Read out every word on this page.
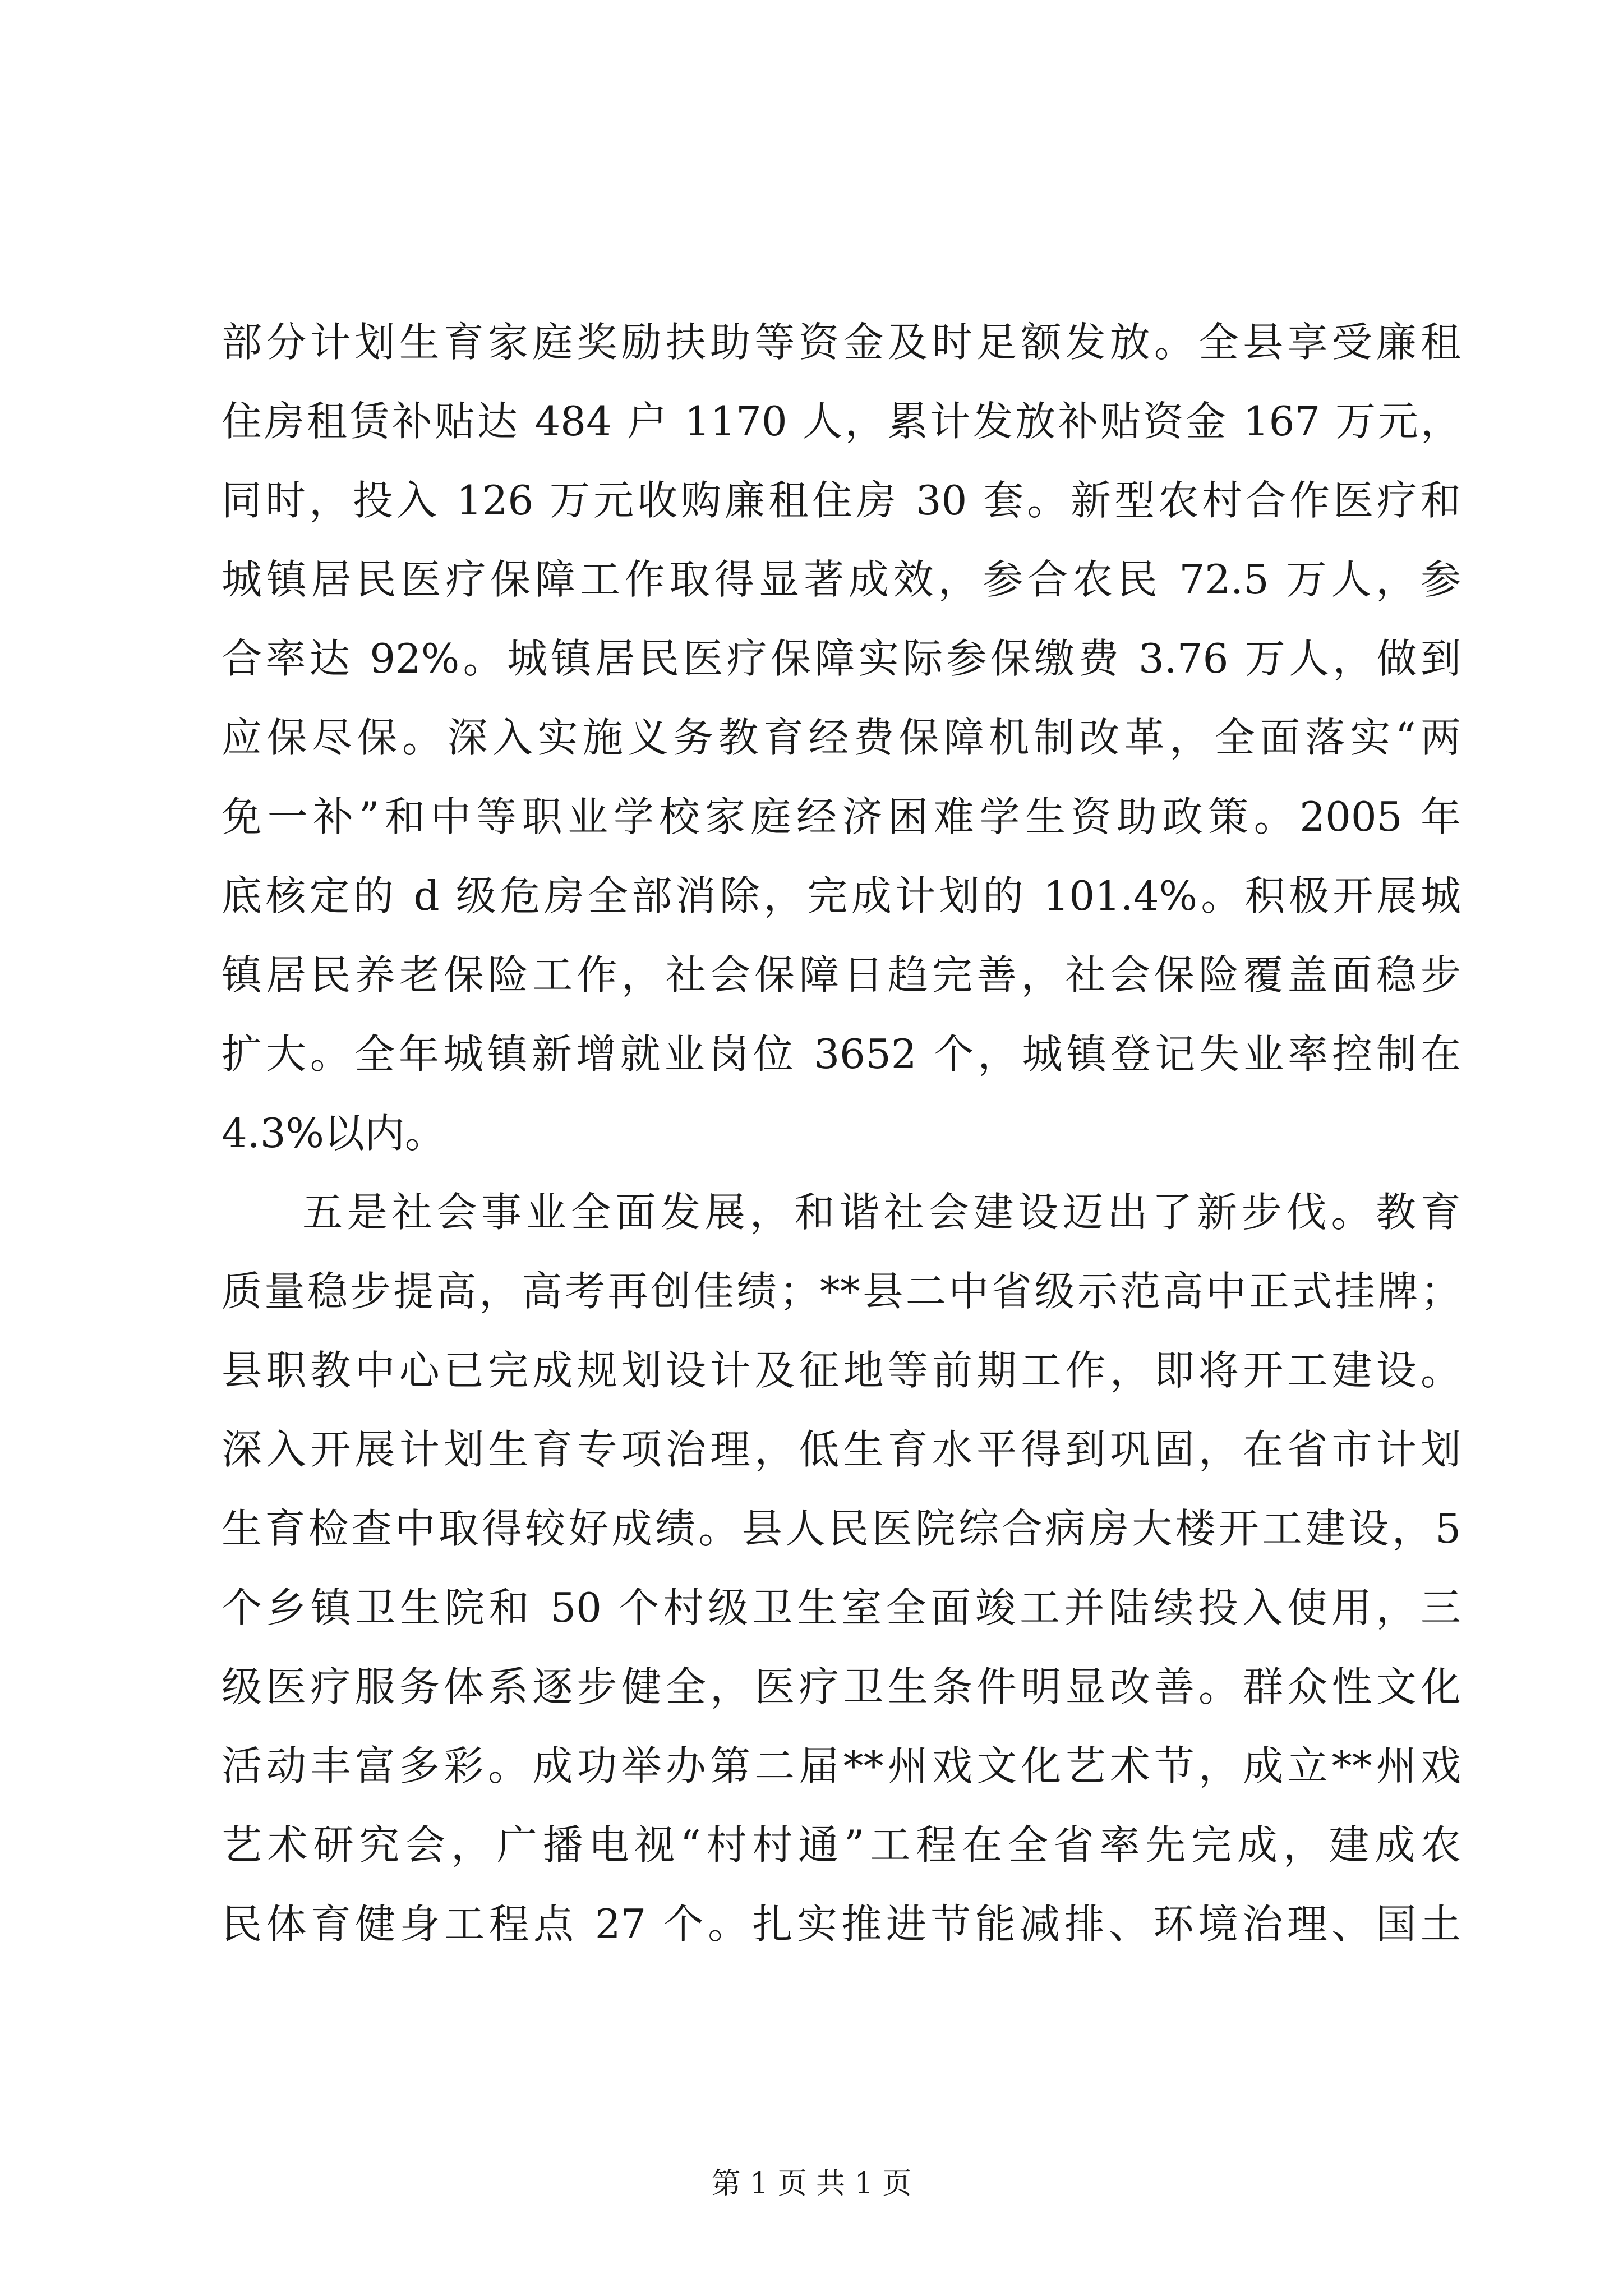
部分计划生育家庭奖励扶助等资金及时足额发放。全县享受廉租
住房租赁补贴达 484 户 1170 人，累计发放补贴资金 167 万元，
同时，投入 126 万元收购廉租住房 30 套。新型农村合作医疗和
城镇居民医疗保障工作取得显著成效，参合农民 72.5 万人，参
合率达 92%。城镇居民医疗保障实际参保缴费 3.76 万人，做到
应保尽保。深入实施义务教育经费保障机制改革，全面落实“两
免一补”和中等职业学校家庭经济困难学生资助政策。2005 年
底核定的 d 级危房全部消除，完成计划的 101.4%。积极开展城
镇居民养老保险工作，社会保障日趋完善，社会保险覆盖面稳步
扩大。全年城镇新增就业岗位 3652 个，城镇登记失业率控制在
4.3%以内。
五是社会事业全面发展，和谐社会建设迈出了新步伐。教育
质量稳步提高，高考再创佳绩；**县二中省级示范高中正式挂牌；
县职教中心已完成规划设计及征地等前期工作，即将开工建设。
深入开展计划生育专项治理，低生育水平得到巩固，在省市计划
生育检查中取得较好成绩。县人民医院综合病房大楼开工建设，5
个乡镇卫生院和 50 个村级卫生室全面竣工并陆续投入使用，三
级医疗服务体系逐步健全，医疗卫生条件明显改善。群众性文化
活动丰富多彩。成功举办第二届**州戏文化艺术节，成立**州戏
艺术研究会，广播电视“村村通”工程在全省率先完成，建成农
民体育健身工程点 27 个。扎实推进节能减排、环境治理、国土
第 1 页 共 1 页
